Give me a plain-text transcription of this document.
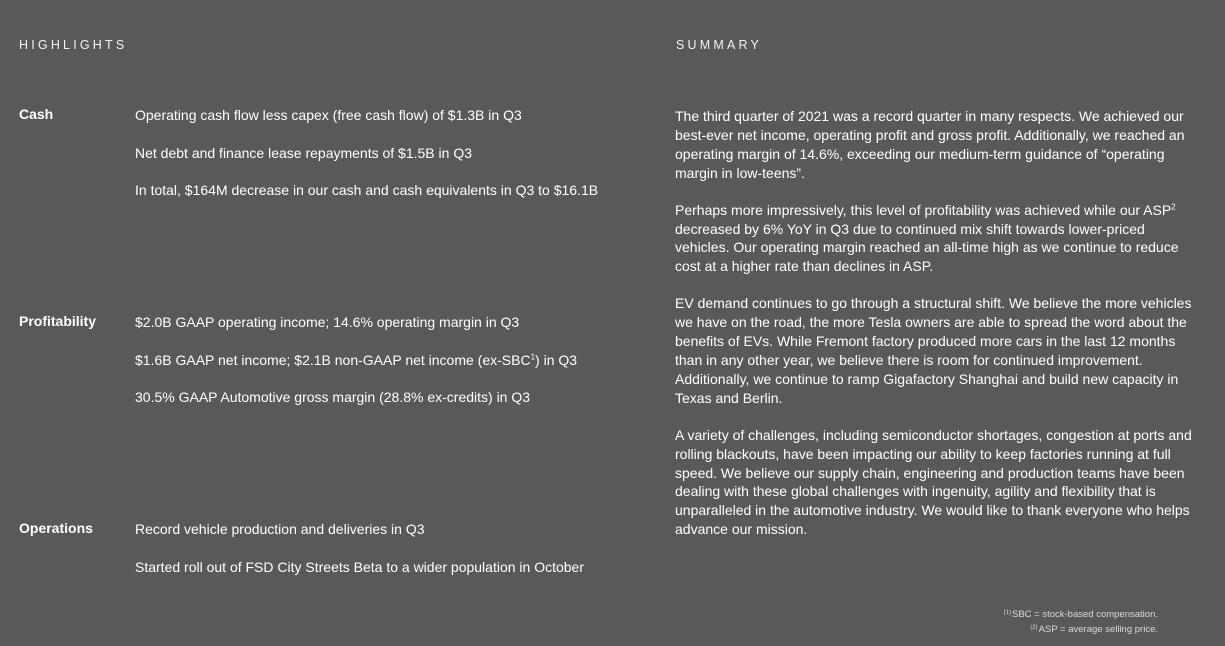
HIGHLIGHTS	SUMMARY
Cash	Operating cash flow less capex (free cash flow) of $1.3B in Q3
Net debt and finance lease repayments of $1.5B in Q3
In total, $164M decrease in our cash and cash equivalents in Q3 to $16.1B
Profitability	$2.0B GAAP operating income; 14.6% operating margin in Q3
$1.6B GAAP net income; $2.1B non-GAAP net income (ex-SBC$^1$) in Q3
30.5% GAAP Automotive gross margin (28.8% ex-credits) in Q3
Operations	Record vehicle production and deliveries in Q3
Started roll out of FSD City Streets Beta to a wider population in October

The third quarter of 2021 was a record quarter in many respects. We achieved our best-ever net income, operating profit and gross profit. Additionally, we reached an operating margin of 14.6%, exceeding our medium-term guidance of “operating margin in low-teens”.

Perhaps more impressively, this level of profitability was achieved while our ASP$^2$ decreased by 6% YoY in Q3 due to continued mix shift towards lower-priced vehicles. Our operating margin reached an all-time high as we continue to reduce cost at a higher rate than declines in ASP.

EV demand continues to go through a structural shift. We believe the more vehicles we have on the road, the more Tesla owners are able to spread the word about the benefits of EVs. While Fremont factory produced more cars in the last 12 months than in any other year, we believe there is room for continued improvement. Additionally, we continue to ramp Gigafactory Shanghai and build new capacity in Texas and Berlin.

A variety of challenges, including semiconductor shortages, congestion at ports and rolling blackouts, have been impacting our ability to keep factories running at full speed. We believe our supply chain, engineering and production teams have been dealing with these global challenges with ingenuity, agility and flexibility that is unparalleled in the automotive industry. We would like to thank everyone who helps advance our mission.

$^{(1)}$SBC = stock-based compensation.
$^{(2)}$ASP = average selling price.
